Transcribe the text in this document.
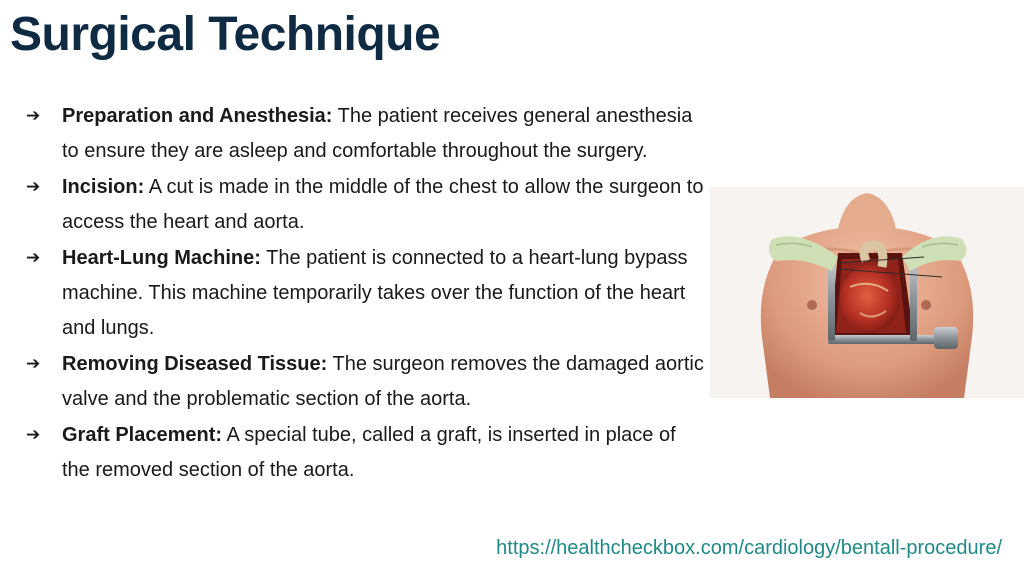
Surgical Technique
➔	Preparation and Anesthesia: The patient receives general anesthesia to ensure they are asleep and comfortable throughout the surgery.
➔	Incision: A cut is made in the middle of the chest to allow the surgeon to access the heart and aorta.
➔	Heart-Lung Machine: The patient is connected to a heart-lung bypass machine. This machine temporarily takes over the function of the heart and lungs.
➔	Removing Diseased Tissue: The surgeon removes the damaged aortic valve and the problematic section of the aorta.
➔	Graft Placement: A special tube, called a graft, is inserted in place of the removed section of the aorta.
https://healthcheckbox.com/cardiology/bentall-procedure/
